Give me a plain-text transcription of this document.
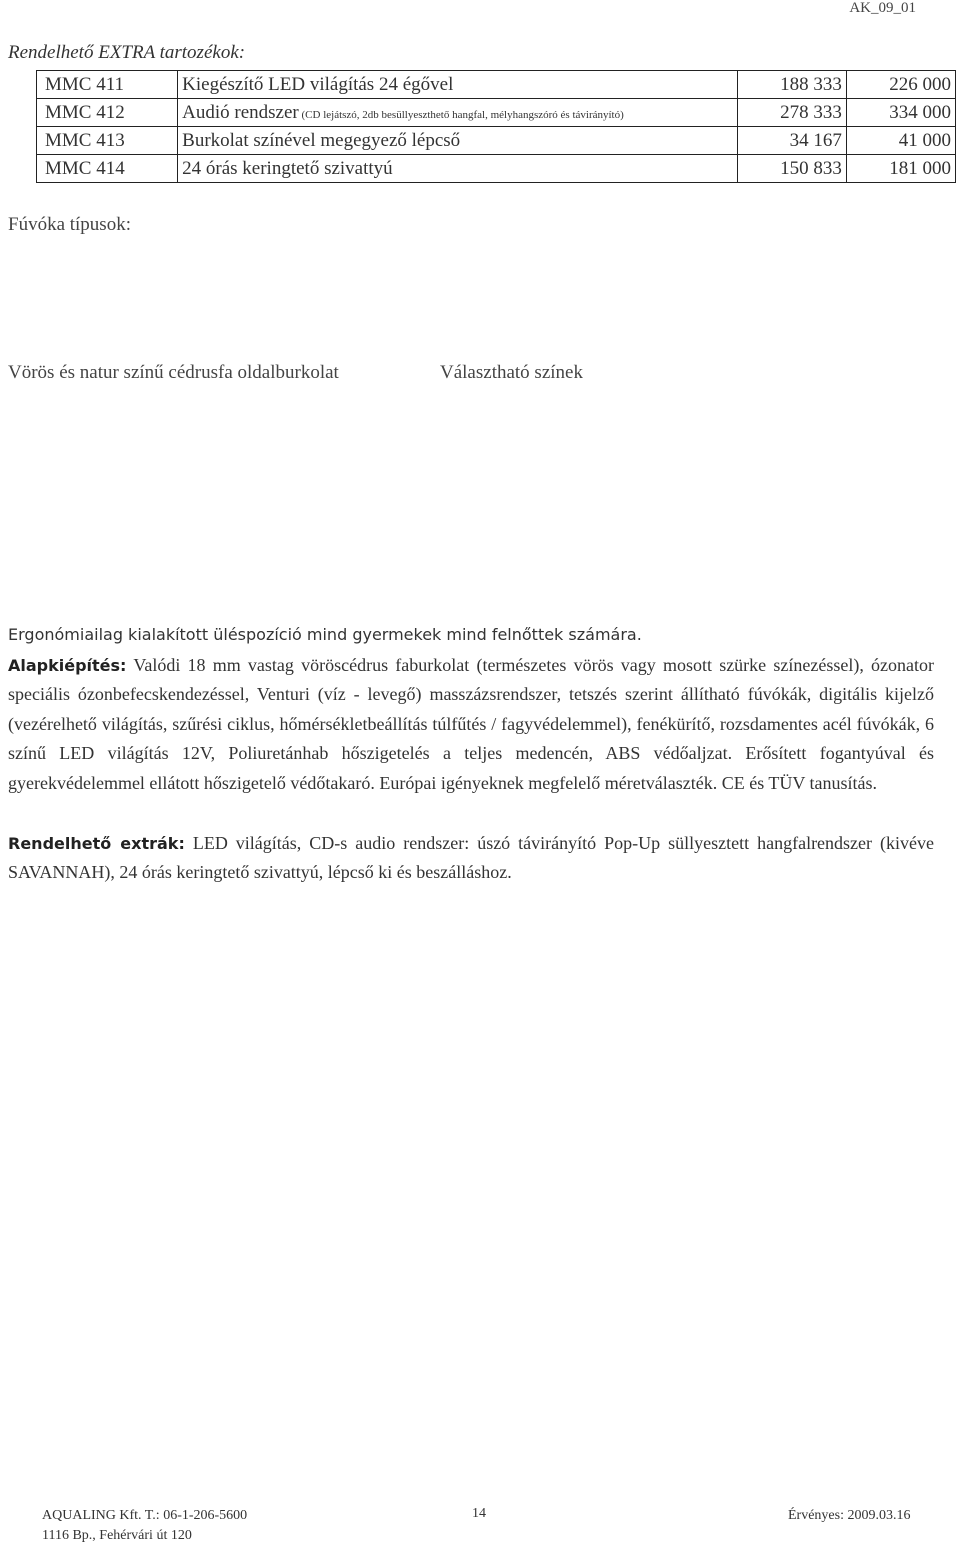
AK_09_01
Rendelhető EXTRA tartozékok:
MMC 411	Kiegészítő LED világítás 24 égővel	188 333	226 000
MMC 412	Audió rendszer (CD lejátszó, 2db besüllyeszthető hangfal, mélyhangszóró és távirányító)	278 333	334 000
MMC 413	Burkolat színével megegyező lépcső	34 167	41 000
MMC 414	24 órás keringtető szivattyú	150 833	181 000
Fúvóka típusok:
Vörös és natur színű cédrusfa oldalburkolat	Választható színek
Ergonómiailag kialakított üléspozíció mind gyermekek mind felnőttek számára.
Alapkiépítés: Valódi 18 mm vastag vöröscédrus faburkolat (természetes vörös vagy mosott szürke színezéssel), ózonator speciális ózonbefecskendezéssel, Venturi (víz - levegő) masszázsrendszer, tetszés szerint állítható fúvókák, digitális kijelző (vezérelhető világítás, szűrési ciklus, hőmérsékletbeállítás túlfűtés / fagyvédelemmel), fenékürítő, rozsdamentes acél fúvókák, 6 színű LED világítás 12V, Poliuretánhab hőszigetelés a teljes medencén, ABS védőaljzat. Erősített fogantyúval és gyerekvédelemmel ellátott hőszigetelő védőtakaró. Európai igényeknek megfelelő méretválaszték. CE és TÜV tanusítás.
Rendelhető extrák: LED világítás, CD-s audio rendszer: úszó távirányító Pop-Up süllyesztett hangfalrendszer (kivéve SAVANNAH), 24 órás keringtető szivattyú, lépcső ki és beszálláshoz.
AQUALING Kft. T.: 06-1-206-5600
1116 Bp., Fehérvári út 120
14	Érvényes: 2009.03.16
